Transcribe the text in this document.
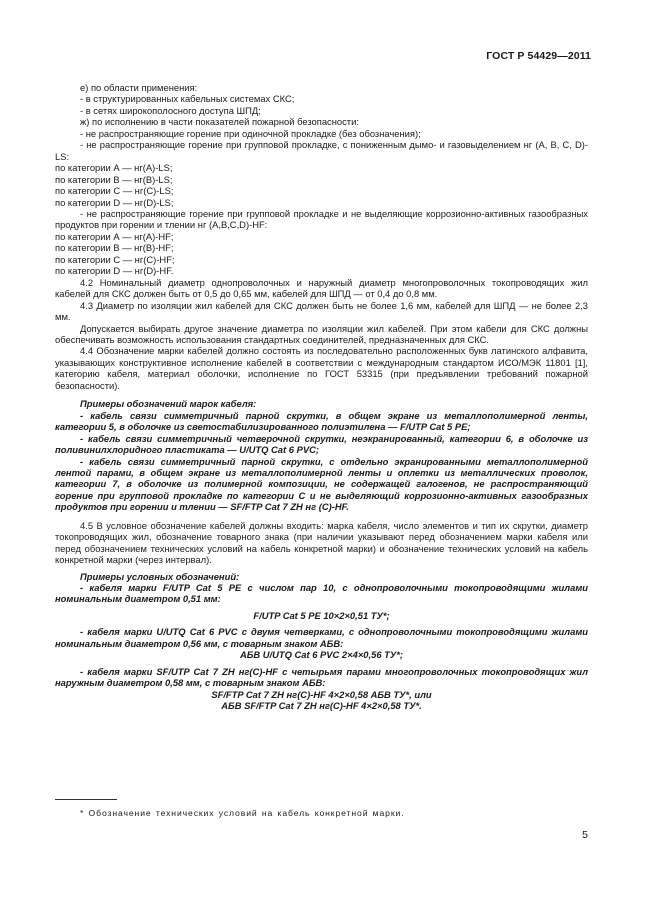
ГОСТ Р 54429—2011

е) по области применения:

- в структурированных кабельных системах СКС;

- в сетях широкополосного доступа ШПД;

ж) по исполнению в части показателей пожарной безопасности:

- не распространяющие горение при одиночной прокладке (без обозначения);

- не распространяющие горение при групповой прокладке, с пониженным дымо- и газовыделением нг (А, В, С, D)-LS:

по категории А — нг(А)-LS;

по категории В — нг(В)-LS;

по категории С — нг(С)-LS;

по категории D — нг(D)-LS;

- не распространяющие горение при групповой прокладке и не выделяющие коррозионно-активных газообразных продуктов при горении и тлении нг (А,В,С,D)-HF:

по категории А — нг(А)-HF;

по категории В — нг(В)-HF;

по категории С — нг(С)-HF;

по категории D — нг(D)-HF.

4.2 Номинальный диаметр однопроволочных и наружный диаметр многопроволочных токопроводящих жил кабелей для СКС должен быть от 0,5 до 0,65 мм, кабелей для ШПД — от 0,4 до 0,8 мм.

4.3 Диаметр по изоляции жил кабелей для СКС должен быть не более 1,6 мм, кабелей для ШПД — не более 2,3 мм.

Допускается выбирать другое значение диаметра по изоляции жил кабелей. При этом кабели для СКС должны обеспечивать возможность использования стандартных соединителей, предназначенных для СКС.

4.4 Обозначение марки кабелей должно состоять из последовательно расположенных букв латинского алфавита, указывающих конструктивное исполнение кабелей в соответствии с международным стандартом ИСО/МЭК 11801 [1], категорию кабеля, материал оболочки, исполнение по ГОСТ 53315 (при предъявлении требований пожарной безопасности).

Примеры обозначений марок кабеля:

- кабель связи симметричный парной скрутки, в общем экране из металлополимерной ленты, категории 5, в оболочке из светостабилизированного полиэтилена — F/UTP Cat 5 PE;

- кабель связи симметричный четверочной скрутки, неэкранированный, категории 6, в оболочке из поливинилхлоридного пластиката — U/UTQ Cat 6 PVC;

- кабель связи симметричный парной скрутки, с отдельно экранированными металлополимерной лентой парами, в общем экране из металлополимерной ленты и оплетки из металлических проволок, категории 7, в оболочке из полимерной композиции, не содержащей галогенов, не распространяющий горение при групповой прокладке по категории С и не выделяющий коррозионно-активных газообразных продуктов при горении и тлении — SF/FTP Cat 7 ZH нг (С)-HF.

4.5 В условное обозначение кабелей должны входить: марка кабеля, число элементов и тип их скрутки, диаметр токопроводящих жил, обозначение товарного знака (при наличии указывают перед обозначением марки кабеля или перед обозначением технических условий на кабель конкретной марки) и обозначение технических условий на кабель конкретной марки (через интервал).

Примеры условных обозначений:

- кабеля марки F/UTP Cat 5 PE с числом пар 10, с однопроволочными токопроводящими жилами номинальным диаметром 0,51 мм:

F/UTP Cat 5 PE 10×2×0,51 ТУ*;

- кабеля марки U/UTQ Cat 6 PVC с двумя четверками, с однопроволочными токопроводящими жилами номинальным диаметром 0,56 мм, с товарным знаком АБВ:

АБВ U/UTQ Cat 6 PVC 2×4×0,56 ТУ*;

- кабеля марки SF/UTP Cat 7 ZH нг(С)-HF с четырьмя парами многопроволочных токопроводящих жил наружным диаметром 0,58 мм, с товарным знаком АБВ:

SF/FTP Cat 7 ZH нг(С)-HF 4×2×0,58 АБВ ТУ*, или

АБВ SF/FTP Cat 7 ZH нг(С)-HF 4×2×0,58 ТУ*.

* Обозначение технических условий на кабель конкретной марки.
5
